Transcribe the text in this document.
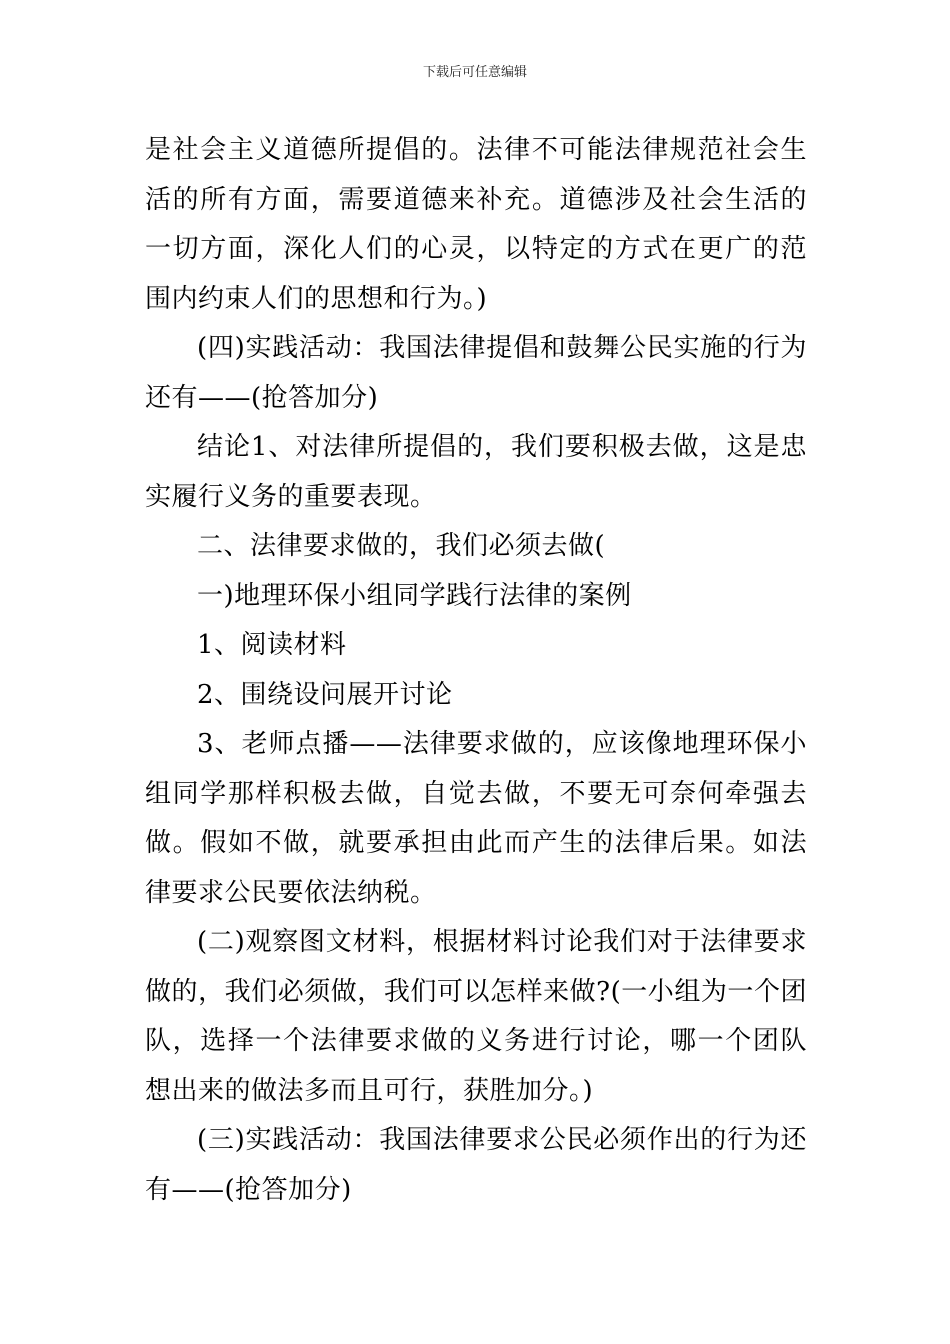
下载后可任意编辑

是社会主义道德所提倡的。法律不可能法律规范社会生活的所有方面，需要道德来补充。道德涉及社会生活的一切方面，深化人们的心灵，以特定的方式在更广的范围内约束人们的思想和行为。)

(四)实践活动：我国法律提倡和鼓舞公民实施的行为还有——(抢答加分)

结论1、对法律所提倡的，我们要积极去做，这是忠实履行义务的重要表现。

二、法律要求做的，我们必须去做(

一)地理环保小组同学践行法律的案例

1、阅读材料

2、围绕设问展开讨论

3、老师点播——法律要求做的，应该像地理环保小组同学那样积极去做，自觉去做，不要无可奈何牵强去做。假如不做，就要承担由此而产生的法律后果。如法律要求公民要依法纳税。

(二)观察图文材料，根据材料讨论我们对于法律要求做的，我们必须做，我们可以怎样来做?(一小组为一个团队，选择一个法律要求做的义务进行讨论，哪一个团队想出来的做法多而且可行，获胜加分。)

(三)实践活动：我国法律要求公民必须作出的行为还有——(抢答加分)
